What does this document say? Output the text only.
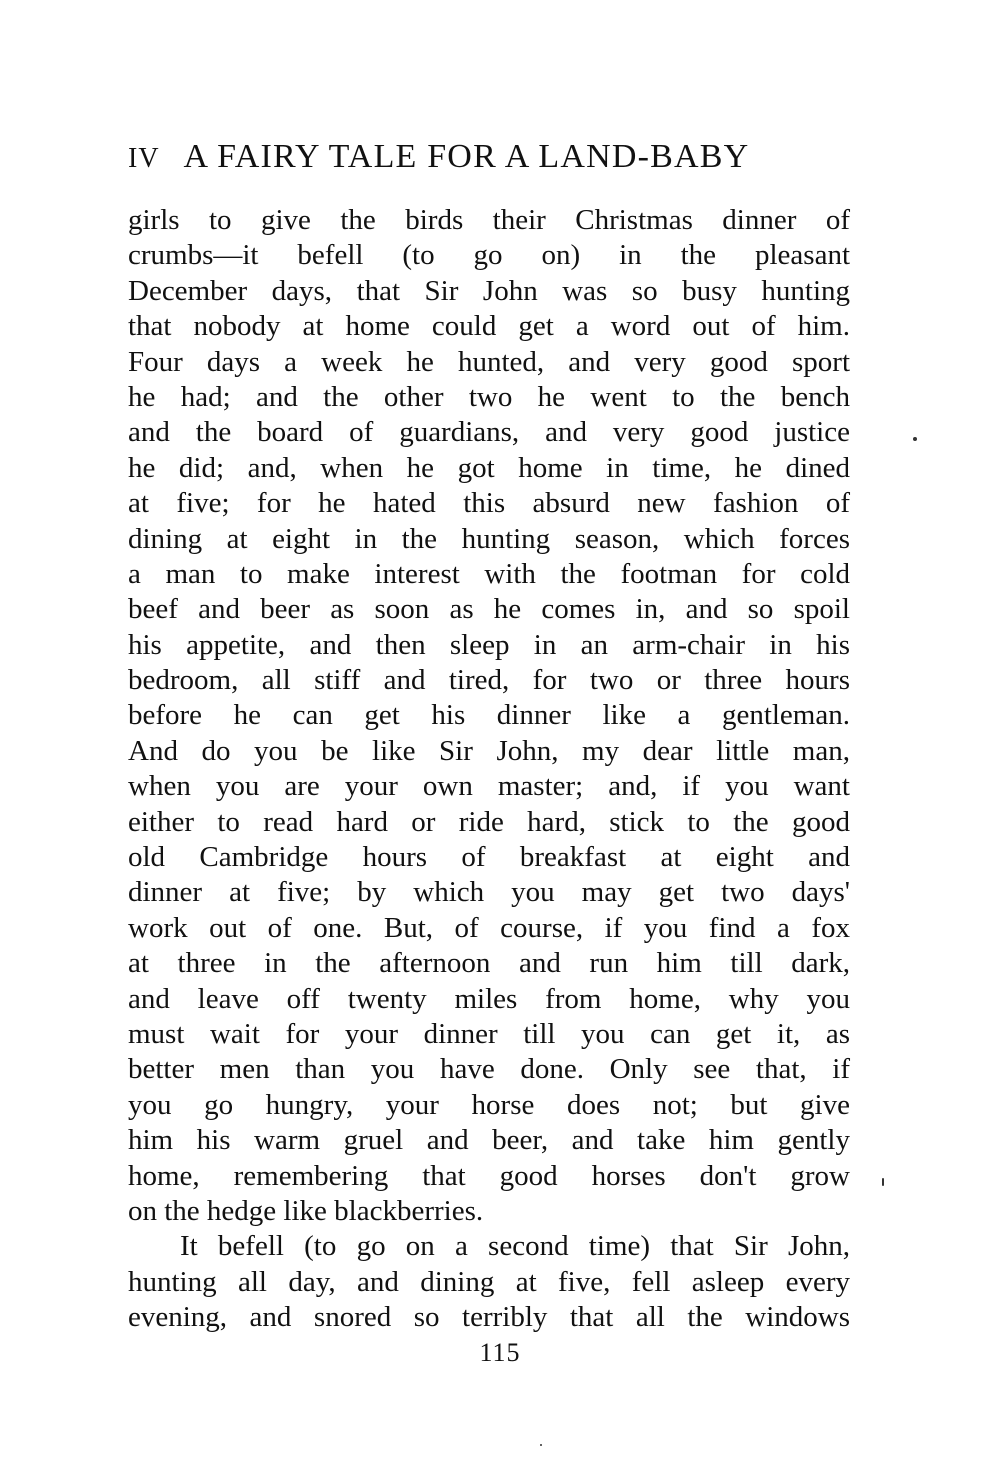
IV A FAIRY TALE FOR A LAND-BABY
girls to give the birds their Christmas dinner of
crumbs—it befell (to go on) in the pleasant
December days, that Sir John was so busy hunting
that nobody at home could get a word out of him.
Four days a week he hunted, and very good sport
he had; and the other two he went to the bench
and the board of guardians, and very good justice
he did; and, when he got home in time, he dined
at five; for he hated this absurd new fashion of
dining at eight in the hunting season, which forces
a man to make interest with the footman for cold
beef and beer as soon as he comes in, and so spoil
his appetite, and then sleep in an arm-chair in his
bedroom, all stiff and tired, for two or three hours
before he can get his dinner like a gentleman.
And do you be like Sir John, my dear little man,
when you are your own master; and, if you want
either to read hard or ride hard, stick to the good
old Cambridge hours of breakfast at eight and
dinner at five; by which you may get two days'
work out of one. But, of course, if you find a fox
at three in the afternoon and run him till dark,
and leave off twenty miles from home, why you
must wait for your dinner till you can get it, as
better men than you have done. Only see that, if
you go hungry, your horse does not; but give
him his warm gruel and beer, and take him gently
home, remembering that good horses don't grow
on the hedge like blackberries.
It befell (to go on a second time) that Sir John,
hunting all day, and dining at five, fell asleep every
evening, and snored so terribly that all the windows
115
